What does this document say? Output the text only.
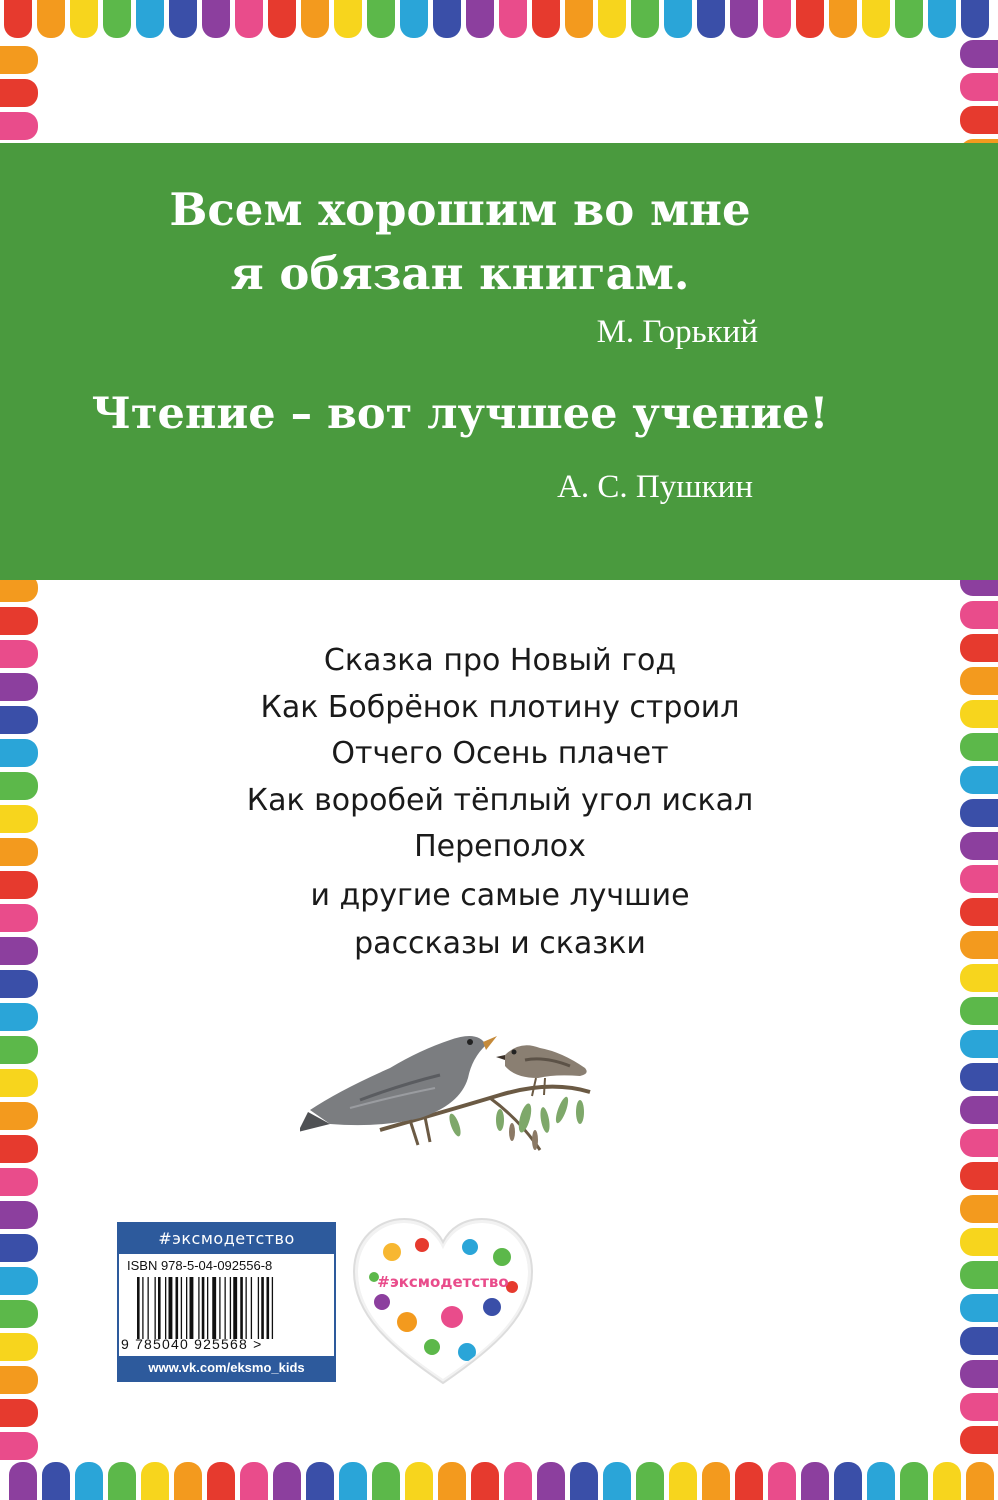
Всем хорошим во мне
я обязан книгам.
М. Горький
Чтение – вот лучшее учение!
А. С. Пушкин
Сказка про Новый год
Как Бобрёнок плотину строил
Отчего Осень плачет
Как воробей тёплый угол искал
Переполох
и другие самые лучшие
рассказы и сказки
#эксмодетство
ISBN 978-5-04-092556-8
9 785040 925568 >
www.vk.com/eksmo_kids
#эксмодетство
